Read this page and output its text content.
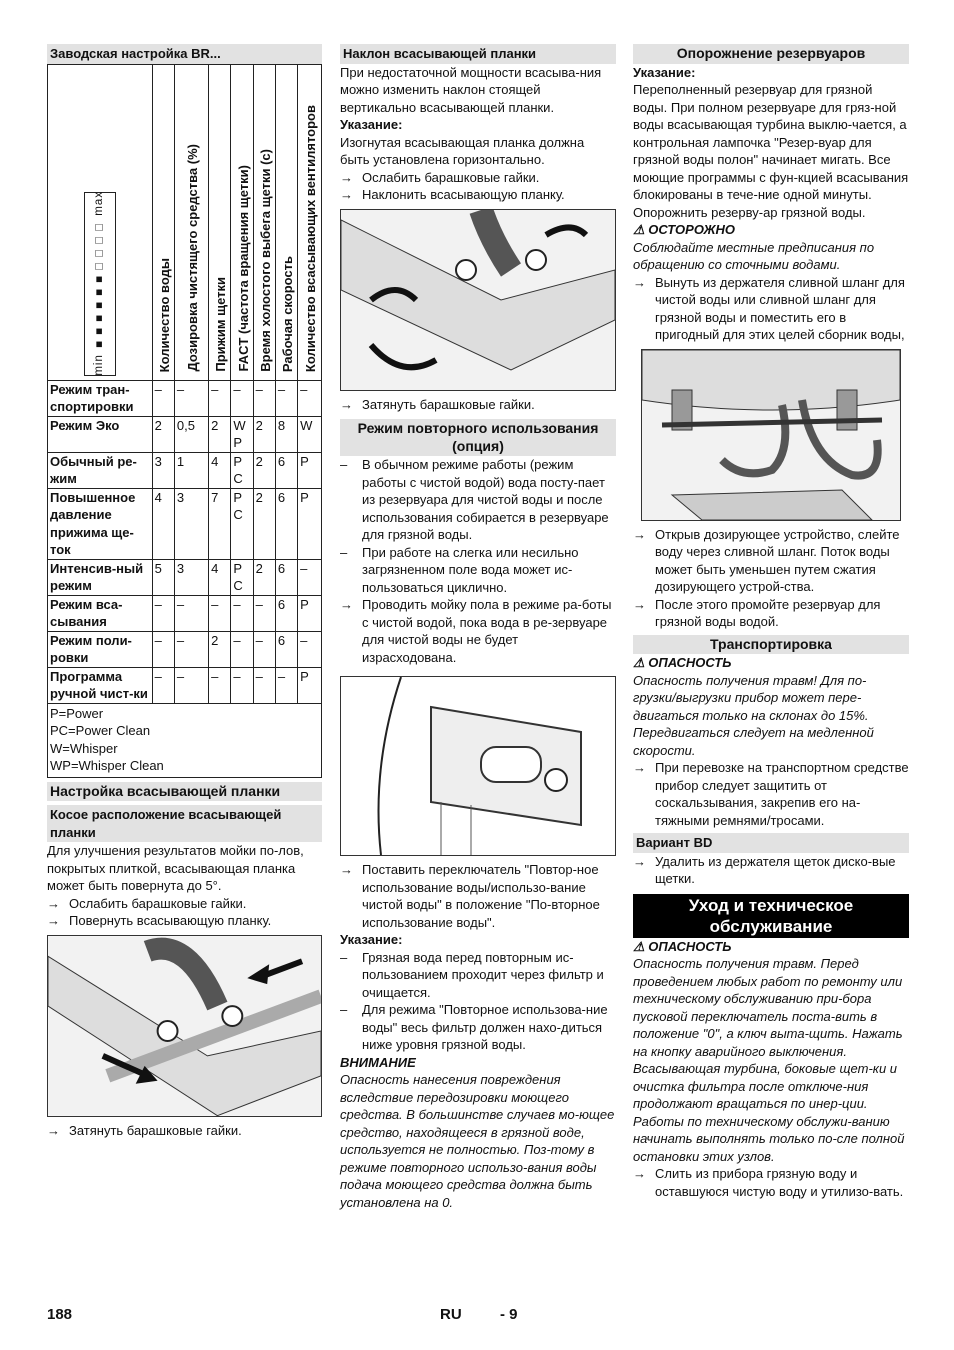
Заводская настройка BR...
min ■■■■■■□□□□ max	Количество воды	Дозировка чистящего средства (%)	Прижим щетки	FACT (частота вращения щетки)	Время холостого выбега щетки (с)	Рабочая скорость	Количество всасывающих вентиляторов
Режим тран-спортировки	–	–	–	–	–	–	–
Режим Эко	2	0,5	2	W P	2	8	W
Обычный ре-жим	3	1	4	P C	2	6	P
Повышенное давление прижима ще-ток	4	3	7	P C	2	6	P
Интенсив-ный режим	5	3	4	P C	2	6	–
Режим вса-сывания	–	–	–	–	–	6	P
Режим поли-ровки	–	–	2	–	–	6	–
Программа ручной чист-ки	–	–	–	–	–	–	P

P=Power
PC=Power Clean
W=Whisper
WP=Whisper Clean							
Настройка всасывающей планки
Косое расположение всасывающей планки

Для улучшения результатов мойки по-лов, покрытых плиткой, всасывающая планка может быть повернута до 5°.

→ Ослабить барашковые гайки.
→ Повернуть всасывающую планку.
→ Затянуть барашковые гайки.
Наклон всасывающей планки

При недостаточной мощности всасыва-ния можно изменить наклон стоящей вертикально всасывающей планки.

Указание:

Изогнутая всасывающая планка должна быть установлена горизонтально.

→ Ослабить барашковые гайки.
→ Наклонить всасывающую планку.
→ Затянуть барашковые гайки.
Режим повторного использования (опция)
–	В обычном режиме работы (режим работы с чистой водой) вода посту-пает из резервуара для чистой воды и после использования собирается в резервуаре для грязной воды.
–	При работе на слегка или несильно загрязненном поле вода может ис-пользоваться циклично.
→ Проводить мойку пола в режиме ра-боты с чистой водой, пока вода в ре-зервуаре для чистой воды не будет израсходована.
→ Поставить переключатель "Повтор-ное использование воды/использо-вание чистой воды" в положение "По-вторное использование воды".

Указание:

–	Грязная вода перед повторным ис-пользованием проходит через фильтр и очищается.
–	Для режима "Повторное использова-ние воды" весь фильтр должен нахо-диться ниже уровня грязной воды.

ВНИМАНИЕ

Опасность нанесения повреждения вследствие передозировки моющего средства. В большинстве случаев мо-ющее средство, находящееся в грязной воде, используется не полностью. Поз-тому в режиме повторного использо-вания воды подача моющего средства должна быть установлена на 0.

Опорожнение резервуаров

Указание:

Переполненный резервуар для грязной воды. При полном резервуаре для гряз-ной воды всасывающая турбина выклю-чается, а контрольная лампочка "Резер-вуар для грязной воды полон" начинает мигать. Все моющие программы с фун-кцией всасывания блокированы в тече-ние одной минуты. Опорожнить резерву-ар грязной воды.

⚠ ОСТОРОЖНО

Соблюдайте местные предписания по обращению со сточными водами.

→ Вынуть из держателя сливной шланг для чистой воды или сливной шланг для грязной воды и поместить его в пригодный для этих целей сборник воды,
→ Открыв дозирующее устройство, слейте воду через сливной шланг. Поток воды может быть уменьшен путем сжатия дозирующего устрой-ства.
→ После этого промойте резервуар для грязной воды водой.
Транспортировка

⚠ ОПАСНОСТЬ

Опасность получения травм! Для по-грузки/выгрузки прибор может пере-двигаться только на склонах до 15%. Передвигаться следует на медленной скорости.

→ При перевозке на транспортном средстве прибор следует защитить от соскальзывания, закрепив его на-тяжными ремнями/тросами.
Вариант BD
→ Удалить из держателя щеток диско-вые щетки.
Уход и техническое обслуживание

⚠ ОПАСНОСТЬ

Опасность получения травм. Перед проведением любых работ по ремонту или техническому обслуживанию при-бора пусковой переключатель поста-вить в положение "0", а ключ выта-щить. Нажать на кнопку аварийного выключения.

Всасывающая турбина, боковые щет-ки и очистка фильтра после отключе-ния продолжают вращаться по инер-ции. Работы по техническому обслужи-ванию начинать выполнять только по-сле полной остановки этих узлов.

→ Слить из прибора грязную воду и оставшуюся чистую воду и утилизо-вать.
188	RU	- 9
